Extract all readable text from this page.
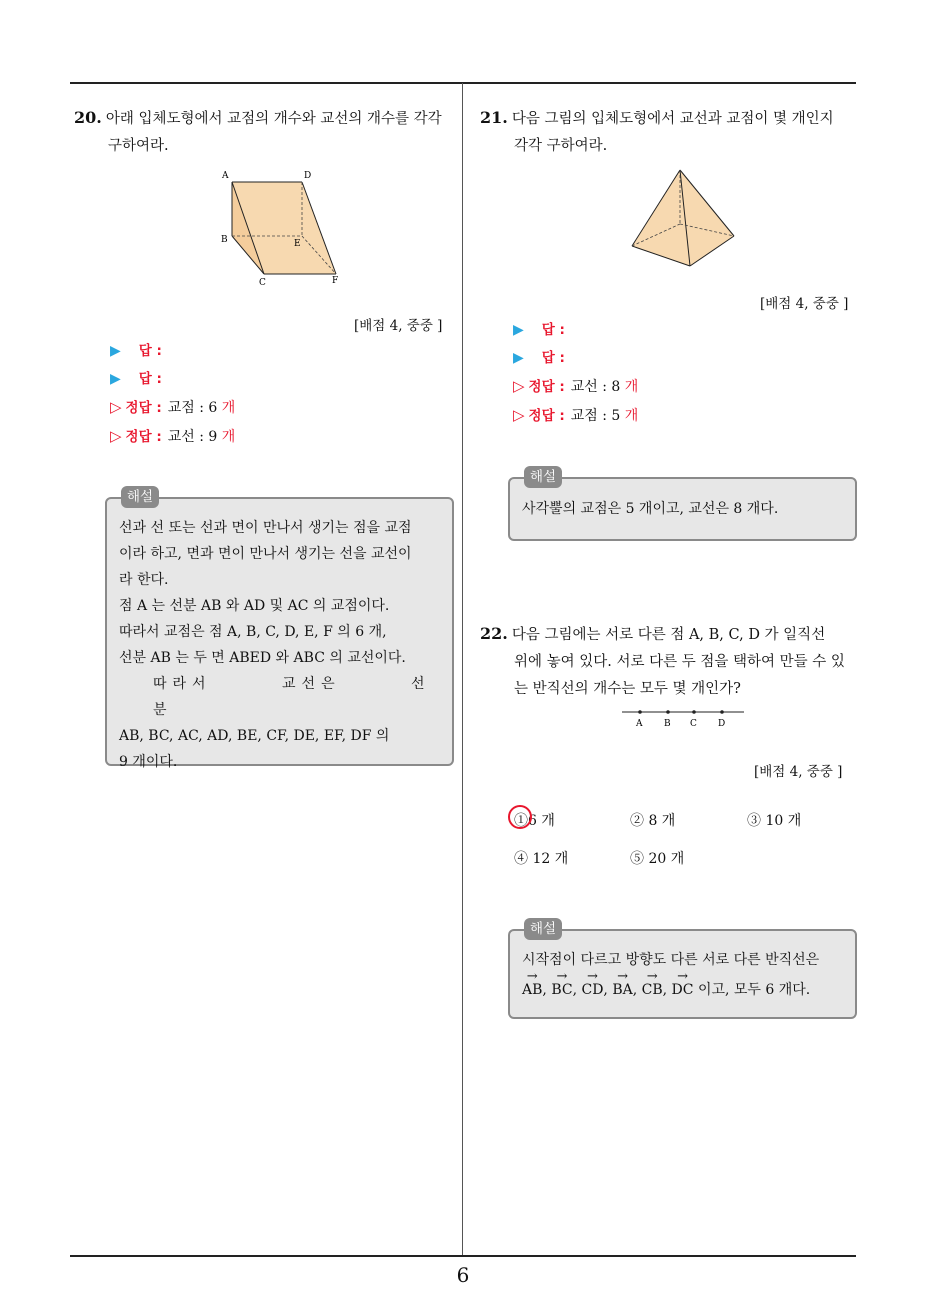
6
20. 아래 입체도형에서 교점의 개수와 교선의 개수를 각각
구하여라.
A	D
B	E
C	F
[배점 4, 중중 ]
▶ 답 :
▶ 답 :
▷ 정답 : 교점 : 6 개
▷ 정답 : 교선 : 9 개
해설
선과 선 또는 선과 면이 만나서 생기는 점을 교점
이라 하고, 면과 면이 만나서 생기는 선을 교선이
라 한다.
점 A 는 선분 AB 와 AD 및 AC 의 교점이다.
따라서 교점은 점 A, B, C, D, E, F 의 6 개,
선분 AB 는 두 면 ABED 와 ABC 의 교선이다.
따라서 교선은 선분
AB, BC, AC, AD, BE, CF, DE, EF, DF 의
9 개이다.
21. 다음 그림의 입체도형에서 교선과 교점이 몇 개인지
각각 구하여라.
[배점 4, 중중 ]
▶ 답 :
▶ 답 :
▷ 정답 : 교선 : 8 개
▷ 정답 : 교점 : 5 개
해설
사각뿔의 교점은 5 개이고, 교선은 8 개다.
22. 다음 그림에는 서로 다른 점 A, B, C, D 가 일직선
위에 놓여 있다. 서로 다른 두 점을 택하여 만들 수 있
는 반직선의 개수는 모두 몇 개인가?
A B C D
[배점 4, 중중 ]
①6 개	② 8 개	③ 10 개
④ 12 개	⑤ 20 개
해설
시작점이 다르고 방향도 다른 서로 다른 반직선은
→ AB, → BC, → CD, → BA, → CB, → DC 이고, 모두 6 개다.
